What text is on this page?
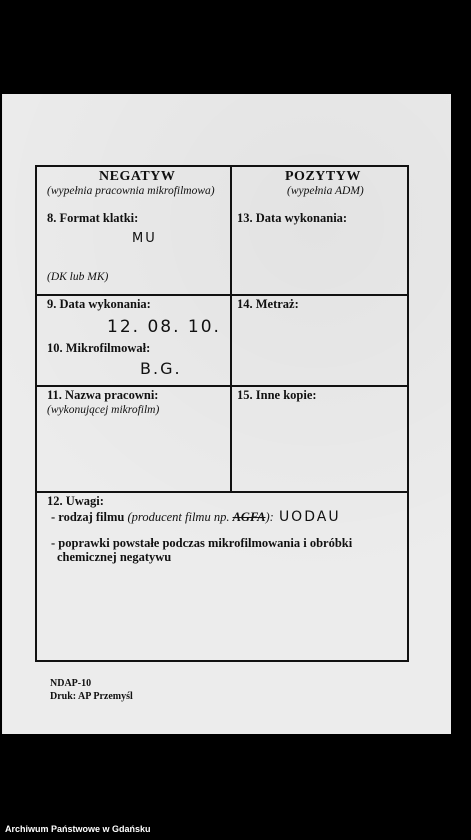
NEGATYW
(wypełnia pracownia mikrofilmowa)
POZYTYW
(wypełnia ADM)
8. Format klatki:
MU
(DK lub MK)
13. Data wykonania:
9. Data wykonania:
12. 08. 10.
10. Mikrofilmował:
B.G.
14. Metraż:
11. Nazwa pracowni:
(wykonującej mikrofilm)
15. Inne kopie:
12. Uwagi:
- rodzaj filmu (producent filmu np. AGFA): UODAU
- poprawki powstałe podczas mikrofilmowania i obróbki
chemicznej negatywu
NDAP-10
Druk: AP Przemyśl
Archiwum Państwowe w Gdańsku
